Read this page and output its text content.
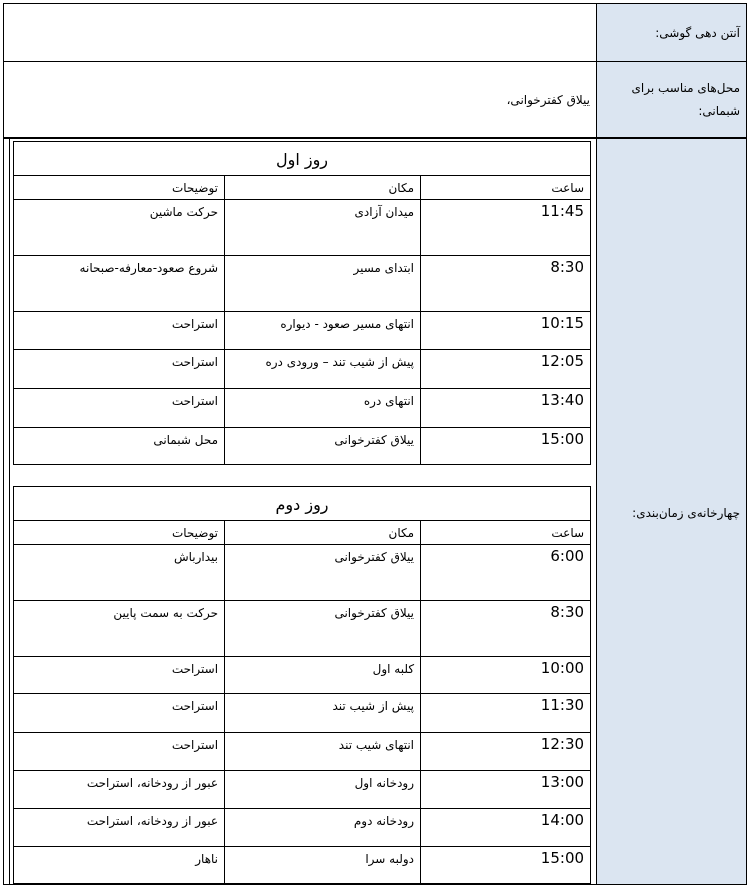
آنتن دهی گوشی:
محل‌های مناسب برای شبمانی:
ییلاق کفترخوانی،
چهارخانه‌ی زمان‌بندی:
روز اول		
ساعت	مکان	توضیحات
11:45	میدان آزادی	حرکت ماشین
8:30	ابتدای مسیر	شروع صعود-معارفه-صبحانه
10:15	انتهای مسیر صعود - دیواره	استراحت
12:05	پیش از شیب تند – ورودی دره	استراحت
13:40	انتهای دره	استراحت
15:00	ییلاق کفترخوانی	محل شبمانی
روز دوم		
ساعت	مکان	توضیحات
6:00	ییلاق کفترخوانی	بیدارباش
8:30	ییلاق کفترخوانی	حرکت به سمت پایین
10:00	کلبه اول	استراحت
11:30	پیش از شیب تند	استراحت
12:30	انتهای شیب تند	استراحت
13:00	رودخانه اول	عبور از رودخانه، استراحت
14:00	رودخانه دوم	عبور از رودخانه، استراحت
15:00	دولبه سرا	ناهار
